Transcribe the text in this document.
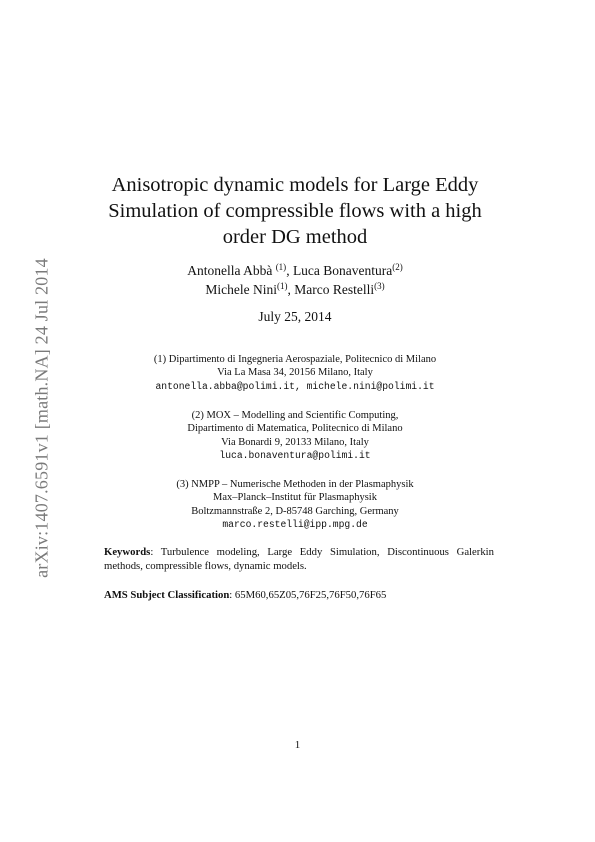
arXiv:1407.6591v1 [math.NA] 24 Jul 2014
Anisotropic dynamic models for Large Eddy
Simulation of compressible flows with a high
order DG method
Antonella Abbà $^{(1)}$, Luca Bonaventura$^{(2)}$
Michele Nini$^{(1)}$, Marco Restelli$^{(3)}$
July 25, 2014
(1) Dipartimento di Ingegneria Aerospaziale, Politecnico di Milano
Via La Masa 34, 20156 Milano, Italy
antonella.abba@polimi.it, michele.nini@polimi.it
(2) MOX – Modelling and Scientific Computing,
Dipartimento di Matematica, Politecnico di Milano
Via Bonardi 9, 20133 Milano, Italy
luca.bonaventura@polimi.it
(3) NMPP – Numerische Methoden in der Plasmaphysik
Max–Planck–Institut für Plasmaphysik
Boltzmannstraße 2, D-85748 Garching, Germany
marco.restelli@ipp.mpg.de
Keywords: Turbulence modeling, Large Eddy Simulation, Discontinuous Galerkin methods, compressible flows, dynamic models.
AMS Subject Classification: 65M60,65Z05,76F25,76F50,76F65
1
